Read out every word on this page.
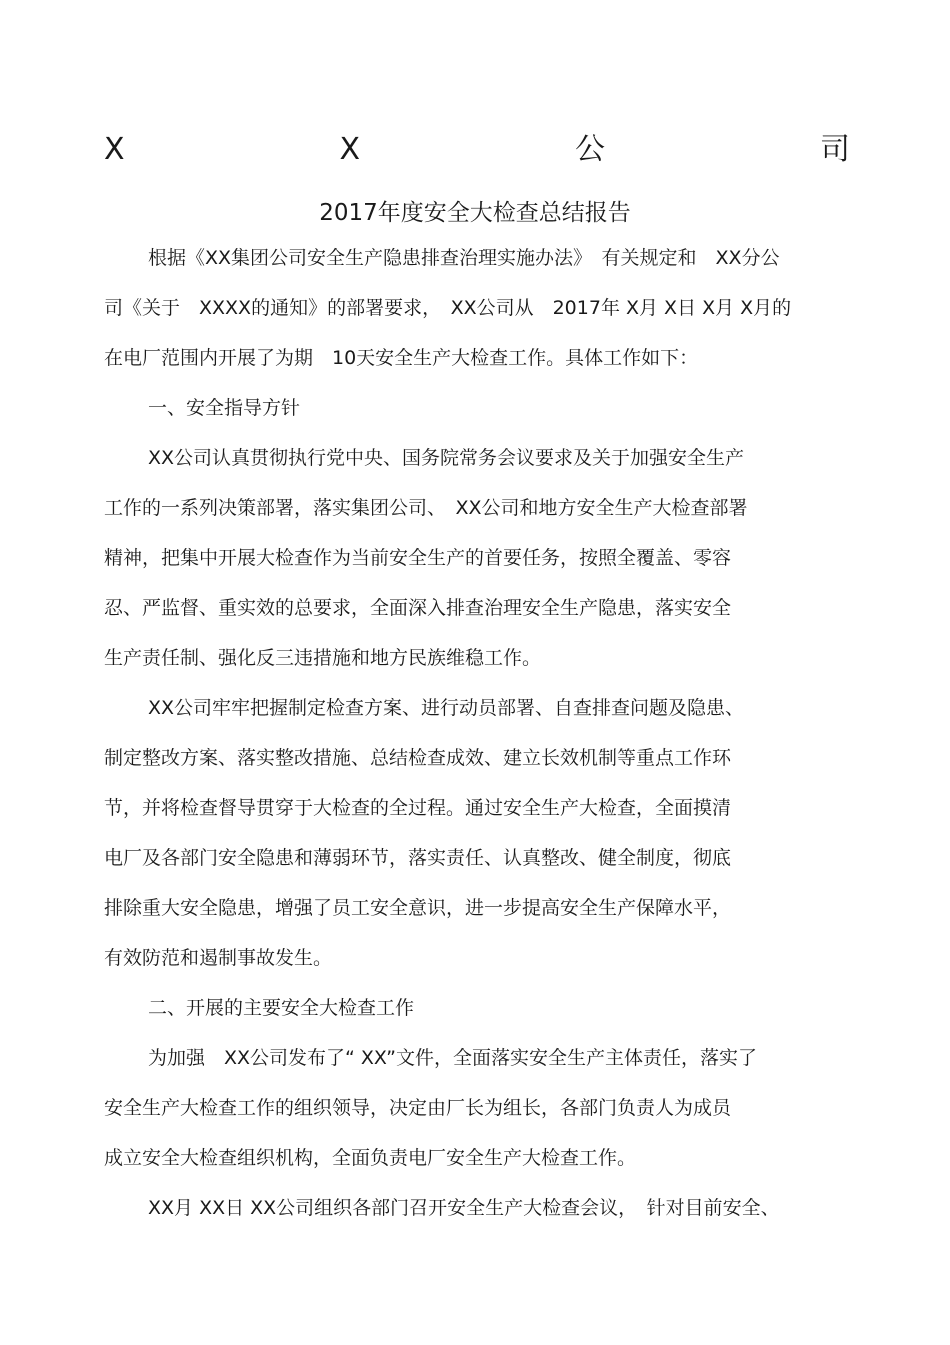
X	X	公	司
2017年度安全大检查总结报告
根据《XX集团公司安全生产隐患排查治理实施办法》　有关规定和　XX分公
司《关于　XXXX的通知》的部署要求，　XX公司从　2017年 X月 X日 X月 X月的
在电厂范围内开展了为期　10天安全生产大检查工作。具体工作如下：
一、安全指导方针
XX公司认真贯彻执行党中央、国务院常务会议要求及关于加强安全生产
工作的一系列决策部署，落实集团公司、　XX公司和地方安全生产大检查部署
精神，把集中开展大检查作为当前安全生产的首要任务，按照全覆盖、零容
忍、严监督、重实效的总要求，全面深入排查治理安全生产隐患，落实安全
生产责任制、强化反三违措施和地方民族维稳工作。
XX公司牢牢把握制定检查方案、进行动员部署、自查排查问题及隐患、
制定整改方案、落实整改措施、总结检查成效、建立长效机制等重点工作环
节，并将检查督导贯穿于大检查的全过程。通过安全生产大检查，全面摸清
电厂及各部门安全隐患和薄弱环节，落实责任、认真整改、健全制度，彻底
排除重大安全隐患，增强了员工安全意识，进一步提高安全生产保障水平，
有效防范和遏制事故发生。
二、开展的主要安全大检查工作
为加强　XX公司发布了“ XX”文件，全面落实安全生产主体责任，落实了
安全生产大检查工作的组织领导，决定由厂长为组长，各部门负责人为成员
成立安全大检查组织机构，全面负责电厂安全生产大检查工作。
XX月 XX日 XX公司组织各部门召开安全生产大检查会议，　针对目前安全、
